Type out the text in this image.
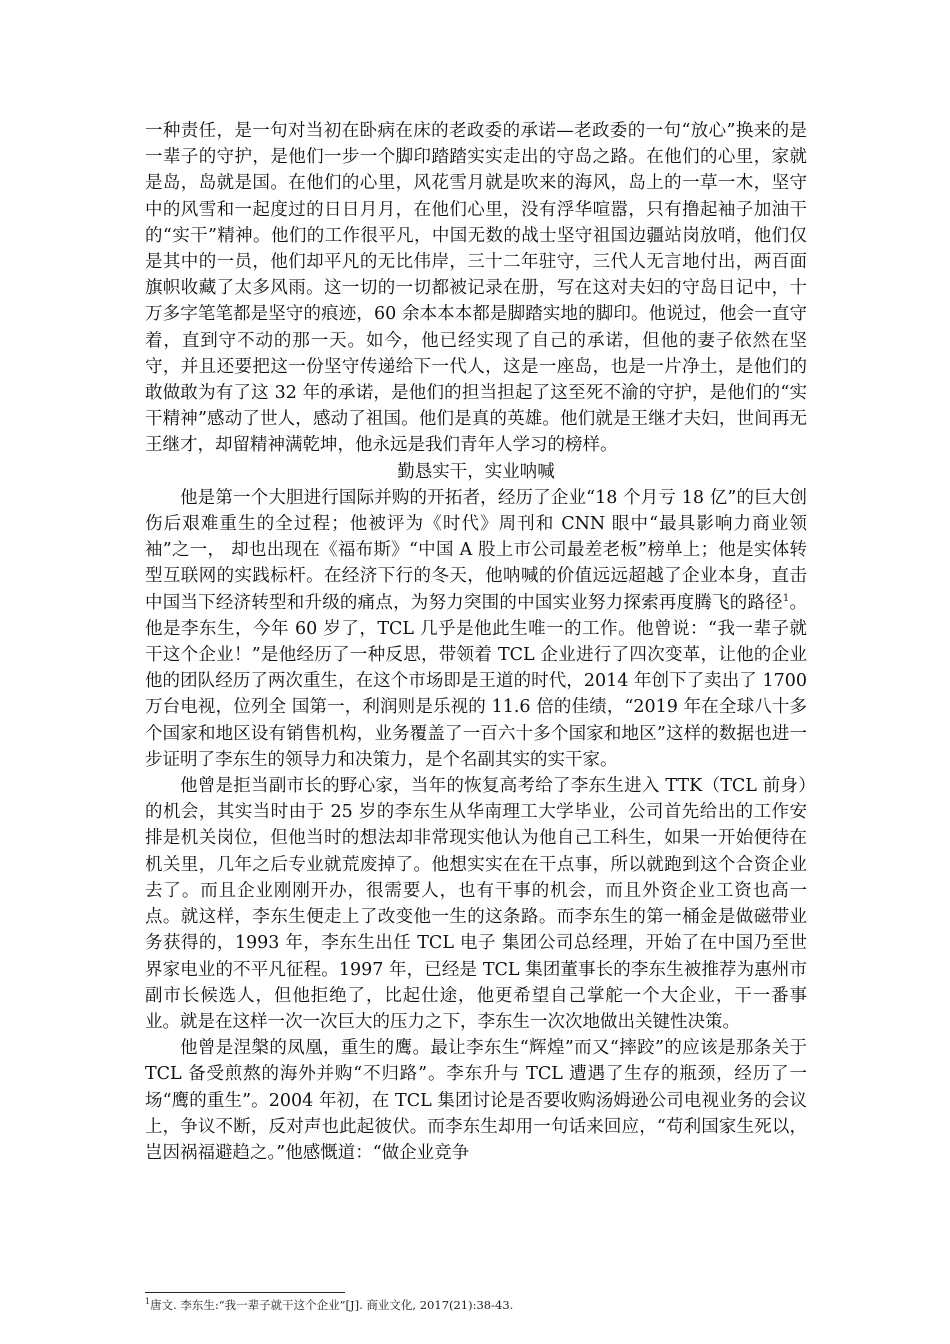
一种责任，是一句对当初在卧病在床的老政委的承诺—老政委的一句“放心”换来的是一辈子的守护，是他们一步一个脚印踏踏实实走出的守岛之路。在他们的心里，家就是岛，岛就是国。在他们的心里，风花雪月就是吹来的海风，岛上的一草一木，坚守中的风雪和一起度过的日日月月，在他们心里，没有浮华喧嚣，只有撸起袖子加油干的“实干”精神。他们的工作很平凡，中国无数的战士坚守祖国边疆站岗放哨，他们仅是其中的一员，他们却平凡的无比伟岸，三十二年驻守，三代人无言地付出，两百面旗帜收藏了太多风雨。这一切的一切都被记录在册，写在这对夫妇的守岛日记中，十万多字笔笔都是坚守的痕迹，60 余本本本都是脚踏实地的脚印。他说过，他会一直守着，直到守不动的那一天。如今，他已经实现了自己的承诺，但他的妻子依然在坚守，并且还要把这一份坚守传递给下一代人，这是一座岛，也是一片净土，是他们的敢做敢为有了这 32 年的承诺，是他们的担当担起了这至死不渝的守护，是他们的“实干精神”感动了世人，感动了祖国。他们是真的英雄。他们就是王继才夫妇，世间再无王继才，却留精神满乾坤，他永远是我们青年人学习的榜样。

勤恳实干，实业呐喊

他是第一个大胆进行国际并购的开拓者，经历了企业“18 个月亏 18 亿”的巨大创伤后艰难重生的全过程；他被评为《时代》周刊和 CNN 眼中“最具影响力商业领袖”之一， 却也出现在《福布斯》“中国 A 股上市公司最差老板”榜单上；他是实体转型互联网的实践标杆。在经济下行的冬天，他呐喊的价值远远超越了企业本身，直击中国当下经济转型和升级的痛点，为努力突围的中国实业努力探索再度腾飞的路径$^1$。他是李东生，今年 60 岁了，TCL 几乎是他此生唯一的工作。他曾说：“我一辈子就干这个企业！”是他经历了一种反思，带领着 TCL 企业进行了四次变革，让他的企业他的团队经历了两次重生，在这个市场即是王道的时代，2014 年创下了卖出了 1700 万台电视，位列全 国第一，利润则是乐视的 11.6 倍的佳绩，“2019 年在全球八十多个国家和地区设有销售机构，业务覆盖了一百六十多个国家和地区”这样的数据也进一步证明了李东生的领导力和决策力，是个名副其实的实干家。

他曾是拒当副市长的野心家，当年的恢复高考给了李东生进入 TTK（TCL 前身）的机会，其实当时由于 25 岁的李东生从华南理工大学毕业，公司首先给出的工作安排是机关岗位，但他当时的想法却非常现实他认为他自己工科生，如果一开始便待在机关里，几年之后专业就荒废掉了。他想实实在在干点事，所以就跑到这个合资企业去了。而且企业刚刚开办，很需要人，也有干事的机会，而且外资企业工资也高一点。就这样，李东生便走上了改变他一生的这条路。而李东生的第一桶金是做磁带业务获得的，1993 年，李东生出任 TCL 电子 集团公司总经理，开始了在中国乃至世界家电业的不平凡征程。1997 年，已经是 TCL 集团董事长的李东生被推荐为惠州市副市长候选人，但他拒绝了，比起仕途，他更希望自己掌舵一个大企业，干一番事业。就是在这样一次一次巨大的压力之下，李东生一次次地做出关键性决策。

他曾是涅槃的凤凰，重生的鹰。最让李东生“辉煌”而又“摔跤”的应该是那条关于 TCL 备受煎熬的海外并购“不归路”。李东升与 TCL 遭遇了生存的瓶颈，经历了一场“鹰的重生”。2004 年初，在 TCL 集团讨论是否要收购汤姆逊公司电视业务的会议上，争议不断，反对声也此起彼伏。而李东生却用一句话来回应，“苟利国家生死以，岂因祸福避趋之。”他感慨道：“做企业竞争

$^1$唐文. 李东生:“我一辈子就干这个企业”[J]. 商业文化, 2017(21):38-43.
